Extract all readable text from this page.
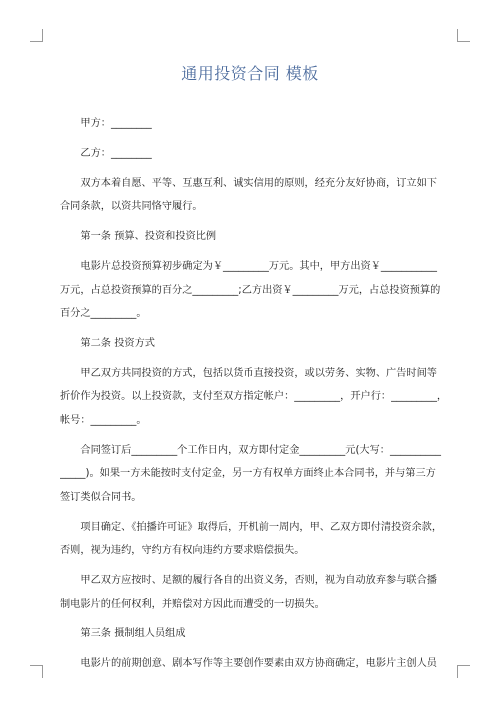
通用投资合同 模板
甲方：________
乙方：________
双方本着自愿、平等、互惠互利、诚实信用的原则，经充分友好协商，订立如下
合同条款，以资共同恪守履行。
第一条 预算、投资和投资比例
电影片总投资预算初步确定为￥_________万元。其中，甲方出资￥___________
万元，占总投资预算的百分之_________;乙方出资￥_________万元，占总投资预算的
百分之_________。
第二条 投资方式
甲乙双方共同投资的方式，包括以货币直接投资，或以劳务、实物、广告时间等
折价作为投资。以上投资款，支付至双方指定帐户：_________，开户行：_________，
帐号：_________。
合同签订后_________个工作日内，双方即付定金_________元(大写：__________
_____)。如果一方未能按时支付定金，另一方有权单方面终止本合同书，并与第三方
签订类似合同书。
项目确定、《拍播许可证》取得后，开机前一周内，甲、乙双方即付清投资余款，
否则，视为违约，守约方有权向违约方要求赔偿损失。
甲乙双方应按时、足额的履行各自的出资义务，否则，视为自动放弃参与联合播
制电影片的任何权利，并赔偿对方因此而遭受的一切损失。
第三条 摄制组人员组成
电影片的前期创意、剧本写作等主要创作要素由双方协商确定，电影片主创人员
